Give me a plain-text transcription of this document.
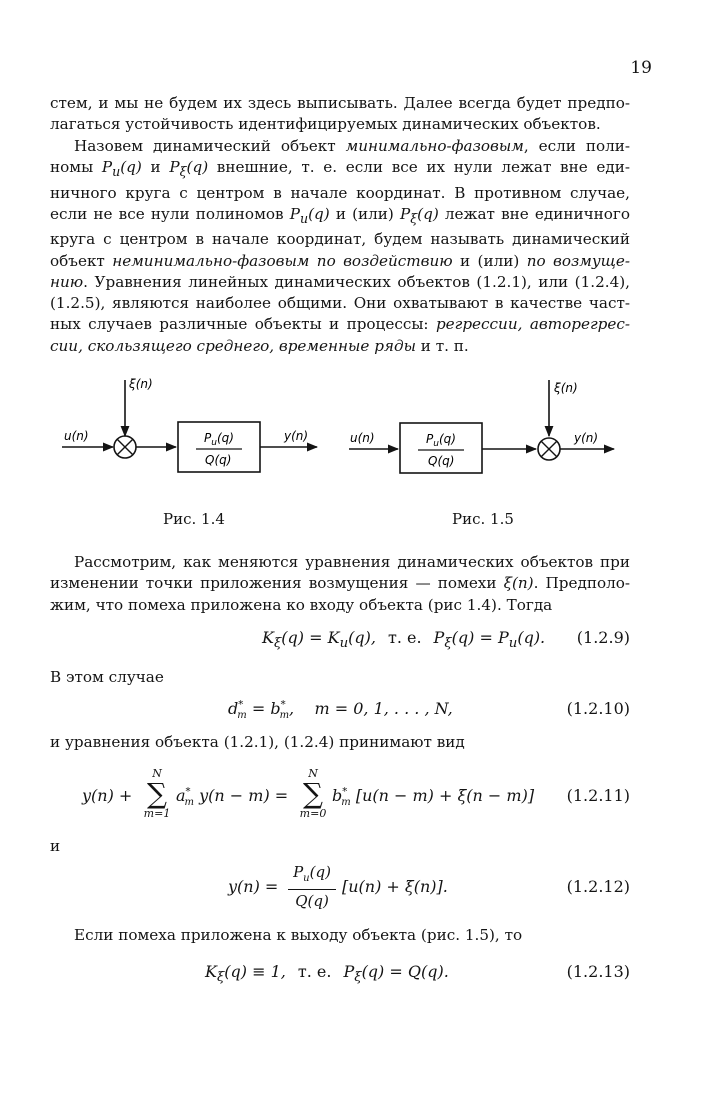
19
стем, и мы не будем их здесь выписывать. Далее всегда будет предпо-
лагаться устойчивость идентифицируемых динамических объектов.
Назовем динамический объект минимально-фазовым, если поли-
номы $P_u(q)$ и $P_\xi(q)$ внешние, т. е. если все их нули лежат вне еди-
ничного круга с центром в начале координат. В противном случае,
если не все нули полиномов $P_u(q)$ и (или) $P_\xi(q)$ лежат вне единичного
круга с центром в начале координат, будем называть динамический
объект неминимально-фазовым по воздействию и (или) по возмуще-
нию. Уравнения линейных динамических объектов (1.2.1), или (1.2.4),
(1.2.5), являются наиболее общими. Они охватывают в качестве част-
ных случаев различные объекты и процессы: регрессии, авторегрес-
сии, скользящего среднего, временные ряды и т. п.
u(n)
ξ(n)
$P_u(q)$
Q(q)
y(n)	u(n)	$P_u(q)$
Q(q)
ξ(n)
y(n)
Рис. 1.4	Рис. 1.5
Рассмотрим, как меняются уравнения динамических объектов при
изменении точки приложения возмущения — помехи ξ(n). Предполо-
жим, что помеха приложена ко входу объекта (рис 1.4). Тогда
$K_\xi(q) = K_u(q)$, т. е. $P_\xi(q) = P_u(q)$. (1.2.9)
В этом случае
$d^*_m = b^*_m$,    m = 0, 1, . . . , N,	(1.2.10)
и уравнения объекта (1.2.1), (1.2.4) принимают вид
y(n) +
N
∑
m=1
$a^*_m$ y(n − m) =
N
∑
m=0
$b^*_m$ [u(n − m) + ξ(n − m)] (1.2.11)
и
y(n) =
$P_u(q)$
Q(q)
[u(n) + ξ(n)].	(1.2.12)
Если помеха приложена к выходу объекта (рис. 1.5), то
$K_\xi(q) \equiv 1$, т. е. $P_\xi(q) = Q(q)$.	(1.2.13)
